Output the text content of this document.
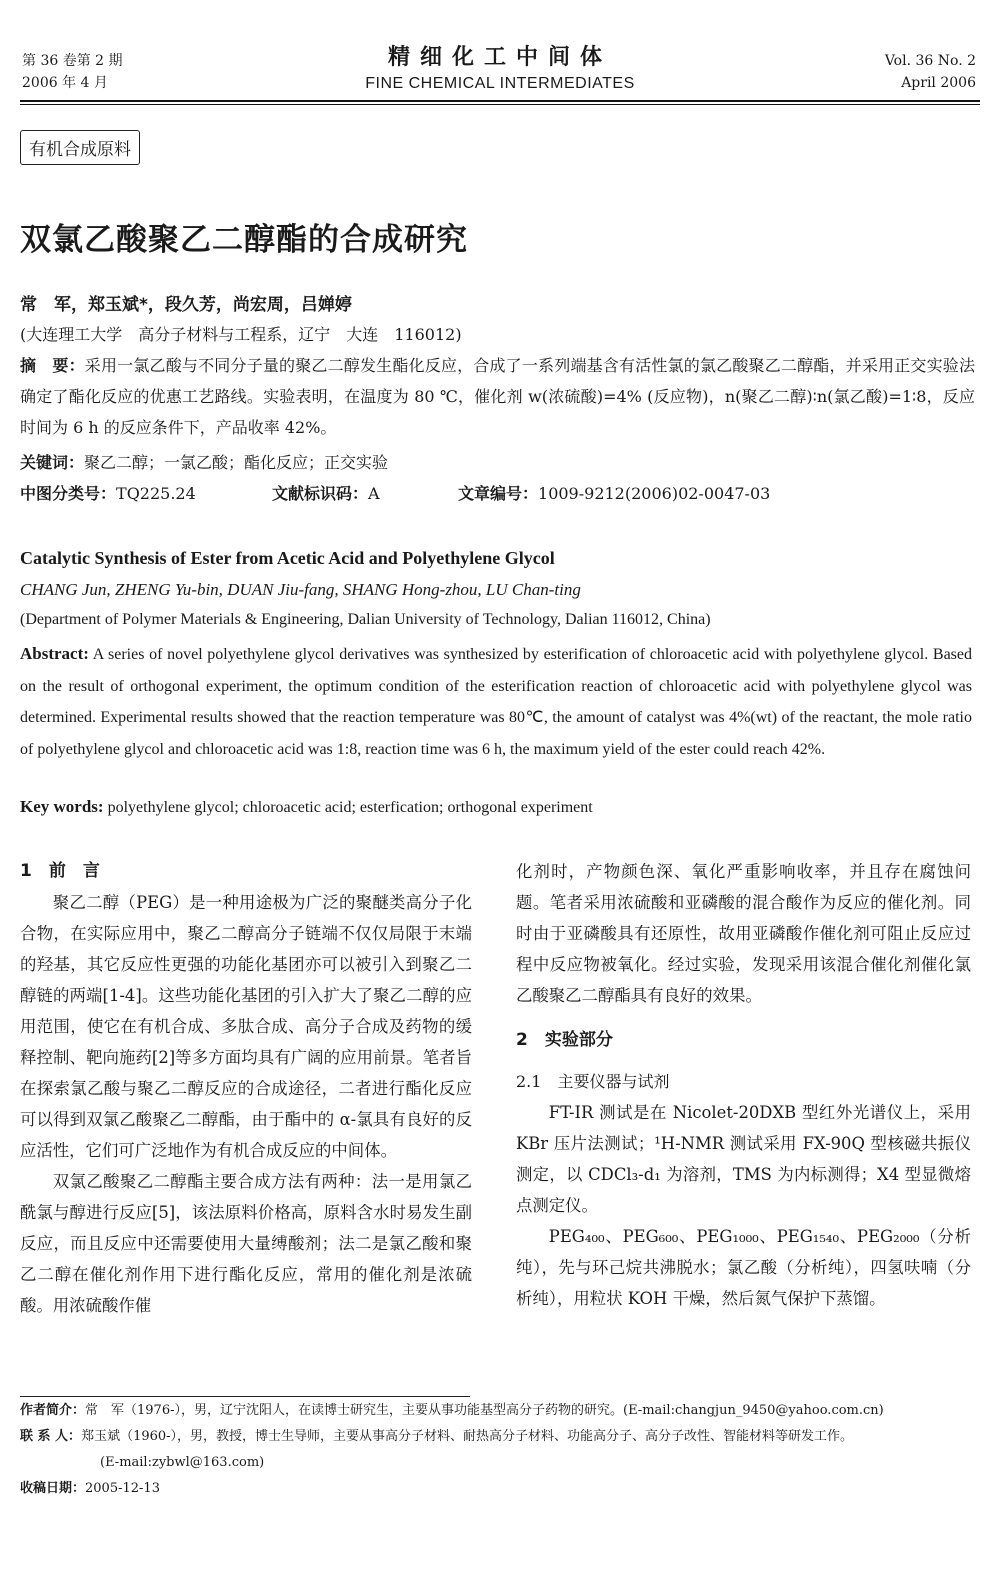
第 36 卷第 2 期
2006 年 4 月
精细化工中间体
FINE CHEMICAL INTERMEDIATES
Vol. 36 No. 2
April 2006
有机合成原料
双氯乙酸聚乙二醇酯的合成研究
常　军，郑玉斌*，段久芳，尚宏周，吕婵婷
(大连理工大学　高分子材料与工程系，辽宁　大连　116012)
摘　要：采用一氯乙酸与不同分子量的聚乙二醇发生酯化反应，合成了一系列端基含有活性氯的氯乙酸聚乙二醇酯，并采用正交实验法确定了酯化反应的优惠工艺路线。实验表明，在温度为 80 ℃，催化剂 w(浓硫酸)=4% (反应物)，n(聚乙二醇)∶n(氯乙酸)=1∶8，反应时间为 6 h 的反应条件下，产品收率 42%。
关键词：聚乙二醇；一氯乙酸；酯化反应；正交实验
中图分类号：TQ225.24	文献标识码：A	文章编号：1009-9212(2006)02-0047-03
Catalytic Synthesis of Ester from Acetic Acid and Polyethylene Glycol
CHANG Jun, ZHENG Yu-bin, DUAN Jiu-fang, SHANG Hong-zhou, LU Chan-ting
(Department of Polymer Materials & Engineering, Dalian University of Technology, Dalian 116012, China)
Abstract: A series of novel polyethylene glycol derivatives was synthesized by esterification of chloroacetic acid with polyethylene glycol. Based on the result of orthogonal experiment, the optimum condition of the esterification reaction of chloroacetic acid with polyethylene glycol was determined. Experimental results showed that the reaction temperature was 80℃, the amount of catalyst was 4%(wt) of the reactant, the mole ratio of polyethylene glycol and chloroacetic acid was 1:8, reaction time was 6 h, the maximum yield of the ester could reach 42%.
Key words: polyethylene glycol; chloroacetic acid; esterfication; orthogonal experiment
1　前　言

聚乙二醇（PEG）是一种用途极为广泛的聚醚类高分子化合物，在实际应用中，聚乙二醇高分子链端不仅仅局限于末端的羟基，其它反应性更强的功能化基团亦可以被引入到聚乙二醇链的两端[1-4]。这些功能化基团的引入扩大了聚乙二醇的应用范围，使它在有机合成、多肽合成、高分子合成及药物的缓释控制、靶向施药[2]等多方面均具有广阔的应用前景。笔者旨在探索氯乙酸与聚乙二醇反应的合成途径，二者进行酯化反应可以得到双氯乙酸聚乙二醇酯，由于酯中的 α-氯具有良好的反应活性，它们可广泛地作为有机合成反应的中间体。

双氯乙酸聚乙二醇酯主要合成方法有两种：法一是用氯乙酰氯与醇进行反应[5]，该法原料价格高，原料含水时易发生副反应，而且反应中还需要使用大量缚酸剂；法二是氯乙酸和聚乙二醇在催化剂作用下进行酯化反应，常用的催化剂是浓硫酸。用浓硫酸作催

化剂时，产物颜色深、氧化严重影响收率，并且存在腐蚀问题。笔者采用浓硫酸和亚磷酸的混合酸作为反应的催化剂。同时由于亚磷酸具有还原性，故用亚磷酸作催化剂可阻止反应过程中反应物被氧化。经过实验，发现采用该混合催化剂催化氯乙酸聚乙二醇酯具有良好的效果。

2　实验部分
2.1　主要仪器与试剂

FT-IR 测试是在 Nicolet-20DXB 型红外光谱仪上，采用 KBr 压片法测试；¹H-NMR 测试采用 FX-90Q 型核磁共振仪测定，以 CDCl₃-d₁ 为溶剂，TMS 为内标测得；X4 型显微熔点测定仪。

PEG₄₀₀、PEG₆₀₀、PEG₁₀₀₀、PEG₁₅₄₀、PEG₂₀₀₀（分析纯），先与环己烷共沸脱水；氯乙酸（分析纯），四氢呋喃（分析纯），用粒状 KOH 干燥，然后氮气保护下蒸馏。

作者简介：常　军（1976-），男，辽宁沈阳人，在读博士研究生，主要从事功能基型高分子药物的研究。(E-mail:changjun_9450@yahoo.com.cn)
联 系 人：郑玉斌（1960-），男，教授，博士生导师，主要从事高分子材料、耐热高分子材料、功能高分子、高分子改性、智能材料等研发工作。
(E-mail:zybwl@163.com)
收稿日期：2005-12-13
